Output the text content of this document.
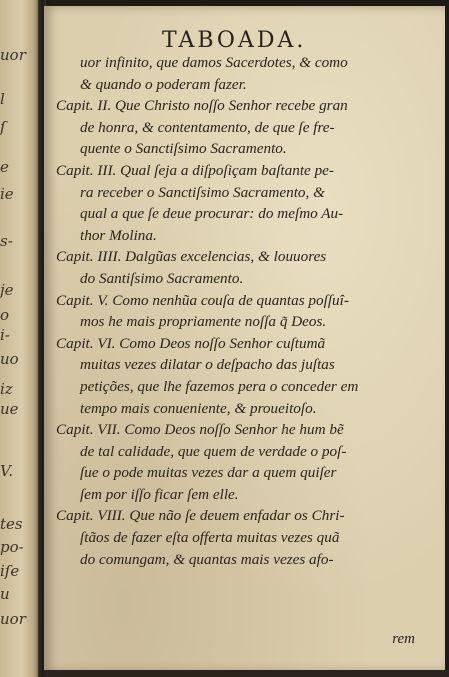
uor
l
ſ
e
ie
s-
je
o
i-
uo
iz
ue
V.
tes
po-
iſe
u
uor
TABOADA.
uor infinito, que damos Sacerdotes, & como
& quando o poderam fazer.
Capit. II. Que Christo noſſo Senhor recebe gran
de honra, & contentamento, de que ſe fre-
quente o Sanctiſsimo Sacramento.
Capit. III. Qual ſeja a diſpoſiçam baſtante pe-
ra receber o Sanctiſsimo Sacramento, &
qual a que ſe deue procurar: do meſmo Au-
thor Molina.
Capit. IIII. Dalgũas excelencias, & louuores
do Santiſsimo Sacramento.
Capit. V. Como nenhũa couſa de quantas poſſuî-
mos he mais propriamente noſſa q̃ Deos.
Capit. VI. Como Deos noſſo Senhor cuſtumã
muitas vezes dilatar o deſpacho das juſtas
petições, que lhe fazemos pera o conceder em
tempo mais conueniente, & proueitoſo.
Capit. VII. Como Deos noſſo Senhor he hum bẽ
de tal calidade, que quem de verdade o poſ-
ſue o pode muitas vezes dar a quem quiſer
ſem por iſſo ficar ſem elle.
Capit. VIII. Que não ſe deuem enfadar os Chri-
ſtãos de fazer eſta offerta muitas vezes quã
do comungam, & quantas mais vezes afo-
rem
